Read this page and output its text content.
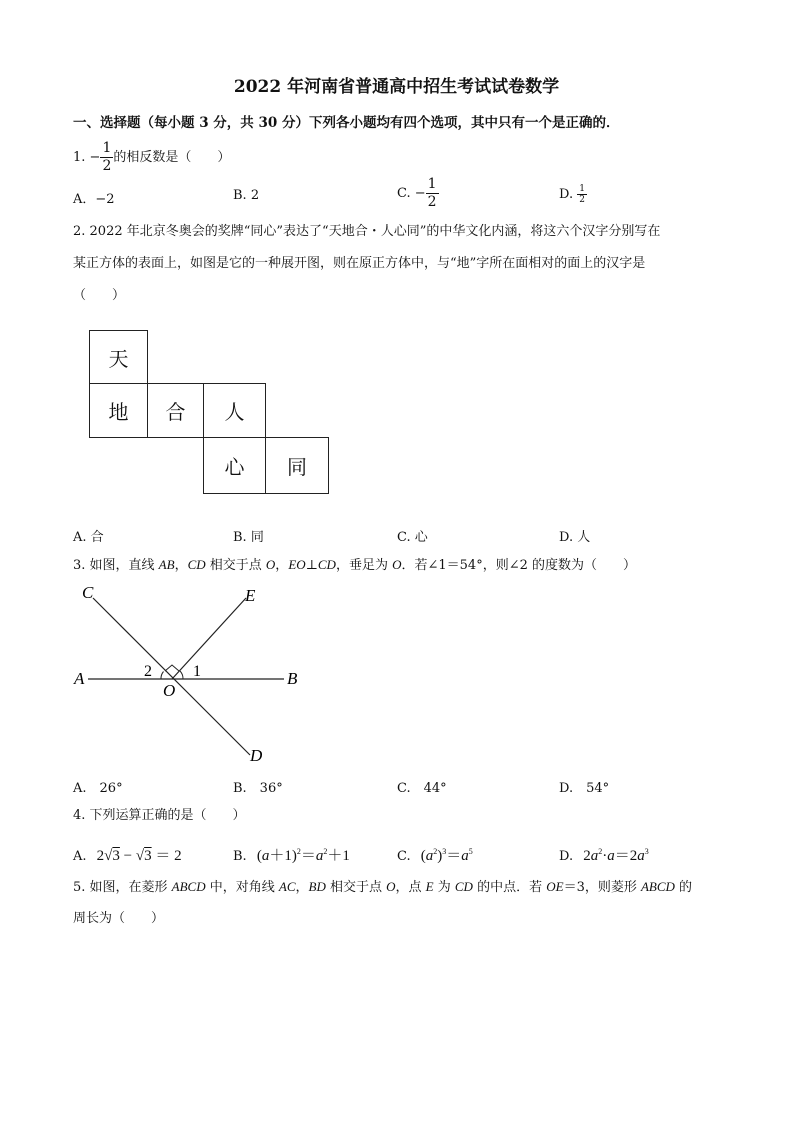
2022 年河南省普通高中招生考试试卷数学
一、选择题（每小题 3 分，共 30 分）下列各小题均有四个选项，其中只有一个是正确的．
1. − $\frac{1}{2}$ 的相反数是（　　）
A．−2	B. 2	C. − $\frac{1}{2}$	D. $\frac{1}{2}$
2. 2022 年北京冬奥会的奖牌“同心”表达了“天地合・人心同”的中华文化内涵，将这六个汉字分别写在
某正方体的表面上，如图是它的一种展开图，则在原正方体中，与“地”字所在面相对的面上的汉字是
（　　）
天
地	合	人
心	同
A. 合	B. 同	C. 心	D. 人
3. 如图，直线 AB，CD 相交于点 O，EO⊥CD，垂足为 O．若∠1＝54°，则∠2 的度数为（　　）
C	E
A	B
O
D
1
2
A.　26°	B.　36°	C.　44°	D.　54°
4. 下列运算正确的是（　　）
A. 2√3 − √3 ＝ 2	B. $(a+1)^2=a^2+1$	C. $(a^2)^3=a^5$	D. $2a^2\cdot a=2a^3$
5. 如图，在菱形 ABCD 中，对角线 AC，BD 相交于点 O，点 E 为 CD 的中点．若 OE＝3，则菱形 ABCD 的
周长为（　　）
